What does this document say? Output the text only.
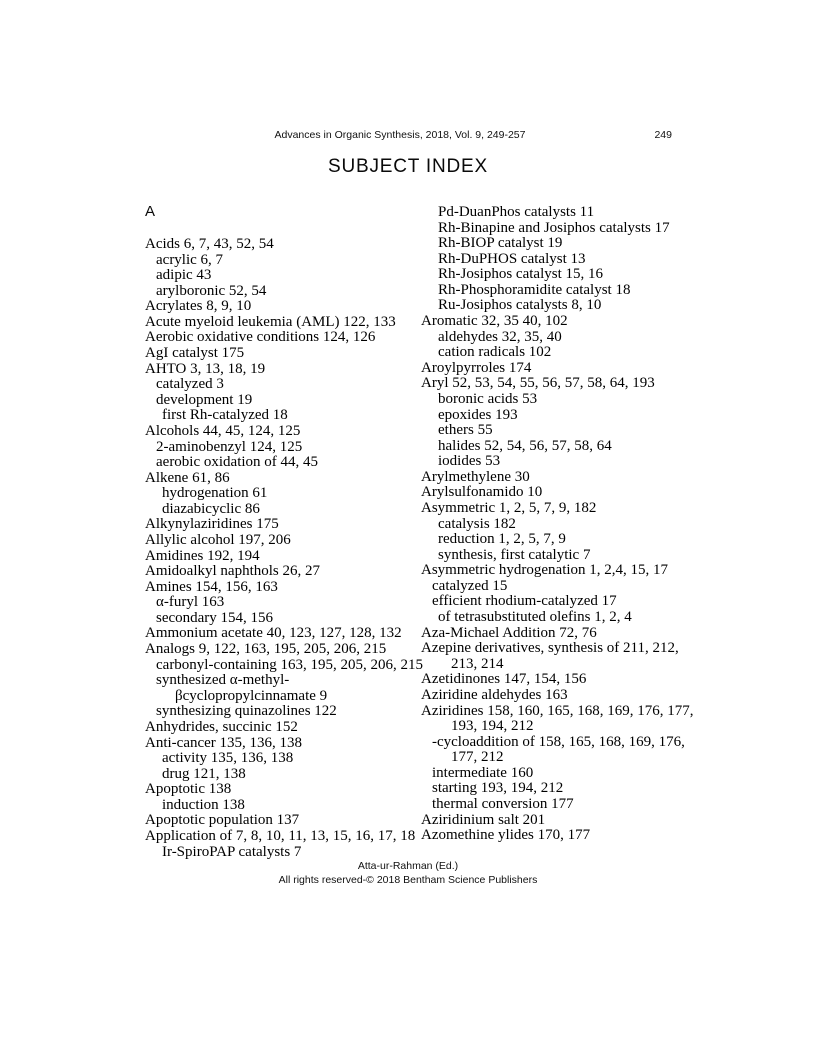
Advances in Organic Synthesis, 2018, Vol. 9, 249-257	249
SUBJECT INDEX
A
Acids 6, 7, 43, 52, 54
acrylic 6, 7
adipic 43
arylboronic 52, 54
Acrylates 8, 9, 10
Acute myeloid leukemia (AML) 122, 133
Aerobic oxidative conditions 124, 126
AgI catalyst 175
AHTO 3, 13, 18, 19
catalyzed 3
development 19
first Rh-catalyzed 18
Alcohols 44, 45, 124, 125
2-aminobenzyl 124, 125
aerobic oxidation of 44, 45
Alkene 61, 86
hydrogenation 61
diazabicyclic 86
Alkynylaziridines 175
Allylic alcohol 197, 206
Amidines 192, 194
Amidoalkyl naphthols 26, 27
Amines 154, 156, 163
α-furyl 163
secondary 154, 156
Ammonium acetate 40, 123, 127, 128, 132
Analogs 9, 122, 163, 195, 205, 206, 215
carbonyl-containing 163, 195, 205, 206, 215
synthesized α-methyl-
βcyclopropylcinnamate 9
synthesizing quinazolines 122
Anhydrides, succinic 152
Anti-cancer 135, 136, 138
activity 135, 136, 138
drug 121, 138
Apoptotic 138
induction 138
Apoptotic population 137
Application of 7, 8, 10, 11, 13, 15, 16, 17, 18
Ir-SpiroPAP catalysts 7
Pd-DuanPhos catalysts 11
Rh-Binapine and Josiphos catalysts 17
Rh-BIOP catalyst 19
Rh-DuPHOS catalyst 13
Rh-Josiphos catalyst 15, 16
Rh-Phosphoramidite catalyst 18
Ru-Josiphos catalysts 8, 10
Aromatic 32, 35 40, 102
aldehydes 32, 35, 40
cation radicals 102
Aroylpyrroles 174
Aryl 52, 53, 54, 55, 56, 57, 58, 64, 193
boronic acids 53
epoxides 193
ethers 55
halides 52, 54, 56, 57, 58, 64
iodides 53
Arylmethylene 30
Arylsulfonamido 10
Asymmetric 1, 2, 5, 7, 9, 182
catalysis 182
reduction 1, 2, 5, 7, 9
synthesis, first catalytic 7
Asymmetric hydrogenation 1, 2,4, 15, 17
catalyzed 15
efficient rhodium-catalyzed 17
of tetrasubstituted olefins 1, 2, 4
Aza-Michael Addition 72, 76
Azepine derivatives, synthesis of 211, 212,
213, 214
Azetidinones 147, 154, 156
Aziridine aldehydes 163
Aziridines 158, 160, 165, 168, 169, 176, 177,
193, 194, 212
-cycloaddition of 158, 165, 168, 169, 176,
177, 212
intermediate 160
starting 193, 194, 212
thermal conversion 177
Aziridinium salt 201
Azomethine ylides 170, 177
Atta-ur-Rahman (Ed.)
All rights reserved-© 2018 Bentham Science Publishers
